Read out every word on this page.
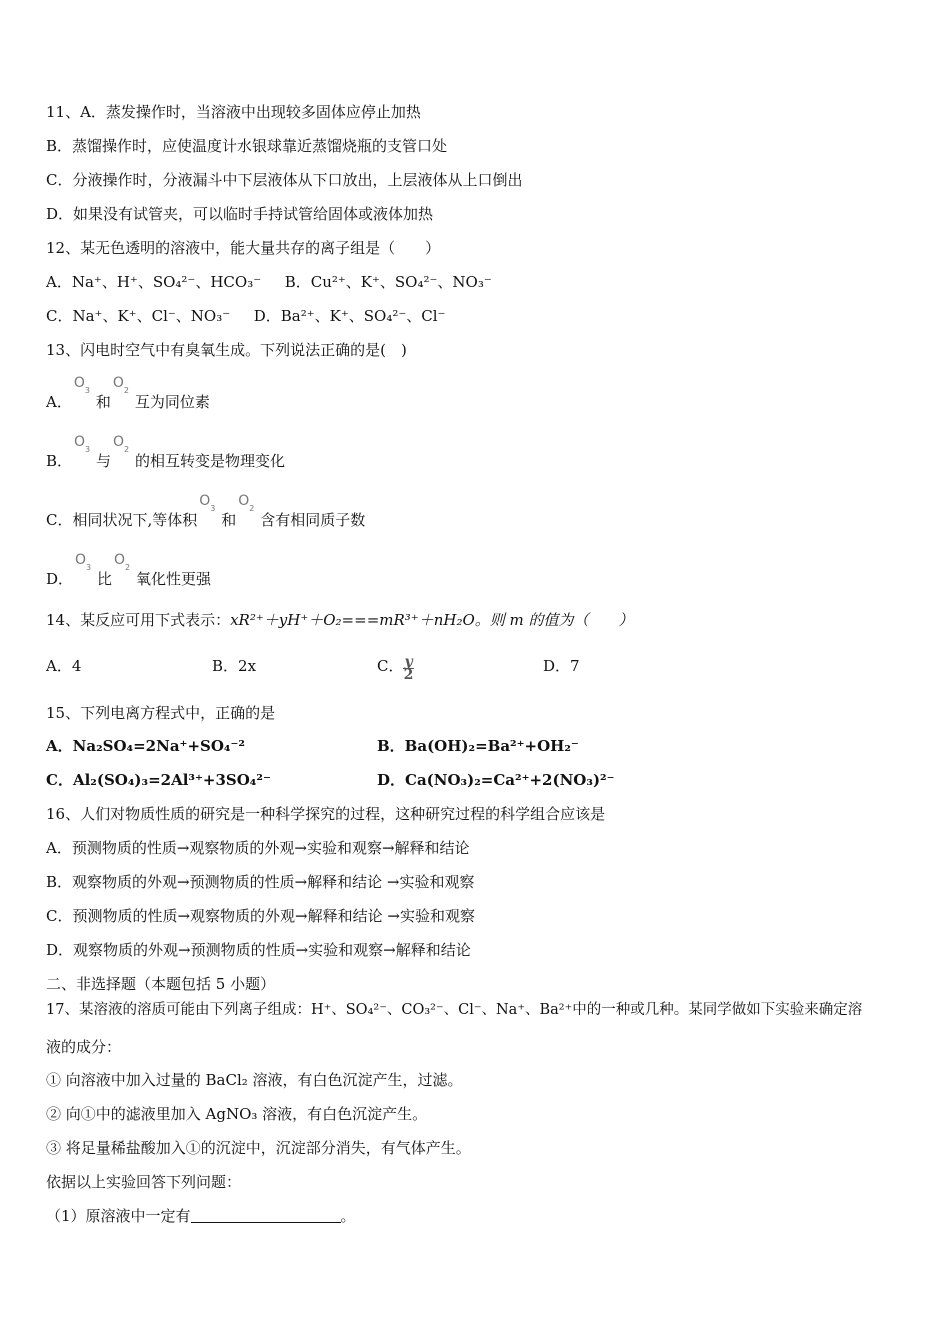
11、A．蒸发操作时，当溶液中出现较多固体应停止加热
B．蒸馏操作时，应使温度计水银球靠近蒸馏烧瓶的支管口处
C．分液操作时，分液漏斗中下层液体从下口放出，上层液体从上口倒出
D．如果没有试管夹，可以临时手持试管给固体或液体加热
12、某无色透明的溶液中，能大量共存的离子组是（　　）
A．Na⁺、H⁺、SO₄²⁻、HCO₃⁻ B．Cu²⁺、K⁺、SO₄²⁻、NO₃⁻
C．Na⁺、K⁺、Cl⁻、NO₃⁻ D．Ba²⁺、K⁺、SO₄²⁻、Cl⁻
13、闪电时空气中有臭氧生成。下列说法正确的是(　)
A．
O 3
和
O 2
互为同位素
B．
O 3
与
O 2
的相互转变是物理变化
C．相同状况下,等体积
O 3
和
O 2
含有相同质子数
D．
O 3
比
O 2
氧化性更强
14、某反应可用下式表示：xR²⁺＋yH⁺＋O₂===mR³⁺＋nH₂O。则 m 的值为（　　）
A．4	B．2x	C． $\frac{y}{2}$	D．7
15、下列电离方程式中，正确的是
A．Na₂SO₄=2Na⁺+SO₄⁻²	B．Ba(OH)₂=Ba²⁺+OH₂⁻
C．Al₂(SO₄)₃=2Al³⁺+3SO₄²⁻	D．Ca(NO₃)₂=Ca²⁺+2(NO₃)²⁻
16、人们对物质性质的研究是一种科学探究的过程，这种研究过程的科学组合应该是
A．预测物质的性质→观察物质的外观→实验和观察→解释和结论
B．观察物质的外观→预测物质的性质→解释和结论 →实验和观察
C．预测物质的性质→观察物质的外观→解释和结论 →实验和观察
D．观察物质的外观→预测物质的性质→实验和观察→解释和结论
二、非选择题（本题包括 5 小题）
17、某溶液的溶质可能由下列离子组成：H⁺、SO₄²⁻、CO₃²⁻、Cl⁻、Na⁺、Ba²⁺中的一种或几种。某同学做如下实验来确定溶
液的成分：
① 向溶液中加入过量的 BaCl₂ 溶液，有白色沉淀产生，过滤。
② 向①中的滤液里加入 AgNO₃ 溶液，有白色沉淀产生。
③ 将足量稀盐酸加入①的沉淀中，沉淀部分消失，有气体产生。
依据以上实验回答下列问题：
（1）原溶液中一定有	。
